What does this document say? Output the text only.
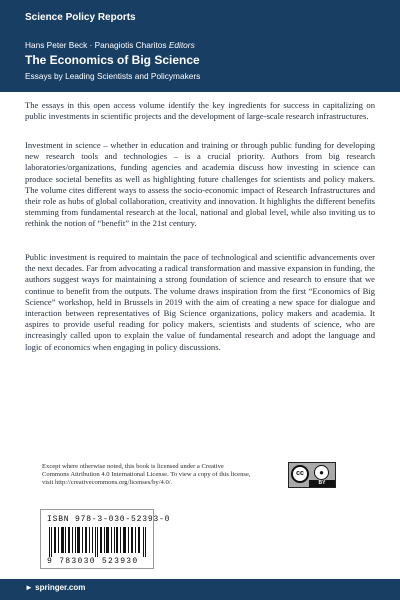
Science Policy Reports
Hans Peter Beck · Panagiotis Charitos Editors
The Economics of Big Science
Essays by Leading Scientists and Policymakers

The essays in this open access volume identify the key ingredients for success in capitalizing on public investments in scientific projects and the development of large-scale research infrastructures.

Investment in science – whether in education and training or through public funding for developing new research tools and technologies – is a crucial priority. Authors from big research laboratories/organizations, funding agencies and academia discuss how investing in science can produce societal benefits as well as highlighting future challenges for scientists and policy makers. The volume cites different ways to assess the socio-economic impact of Research Infrastructures and their role as hubs of global collaboration, creativity and innovation. It highlights the different benefits stemming from fundamental research at the local, national and global level, while also inviting us to rethink the notion of “benefit” in the 21st century.

Public investment is required to maintain the pace of technological and scientific advancements over the next decades. Far from advocating a radical transformation and massive expansion in funding, the authors suggest ways for maintaining a strong foundation of science and research to ensure that we continue to benefit from the outputs. The volume draws inspiration from the first “Economics of Big Science” workshop, held in Brussels in 2019 with the aim of creating a new space for dialogue and interaction between representatives of Big Science organizations, policy makers and academia. It aspires to provide useful reading for policy makers, scientists and students of science, who are increasingly called upon to explain the value of fundamental research and adopt the language and logic of economics when engaging in policy discussions.

Except where otherwise noted, this book is licensed under a Creative Commons Attribution 4.0 International License. To view a copy of this license, visit http://creativecommons.org/licenses/by/4.0/.
cc	●
BY
ISBN 978-3-030-52393-0
9 783030 523930
► springer.com
